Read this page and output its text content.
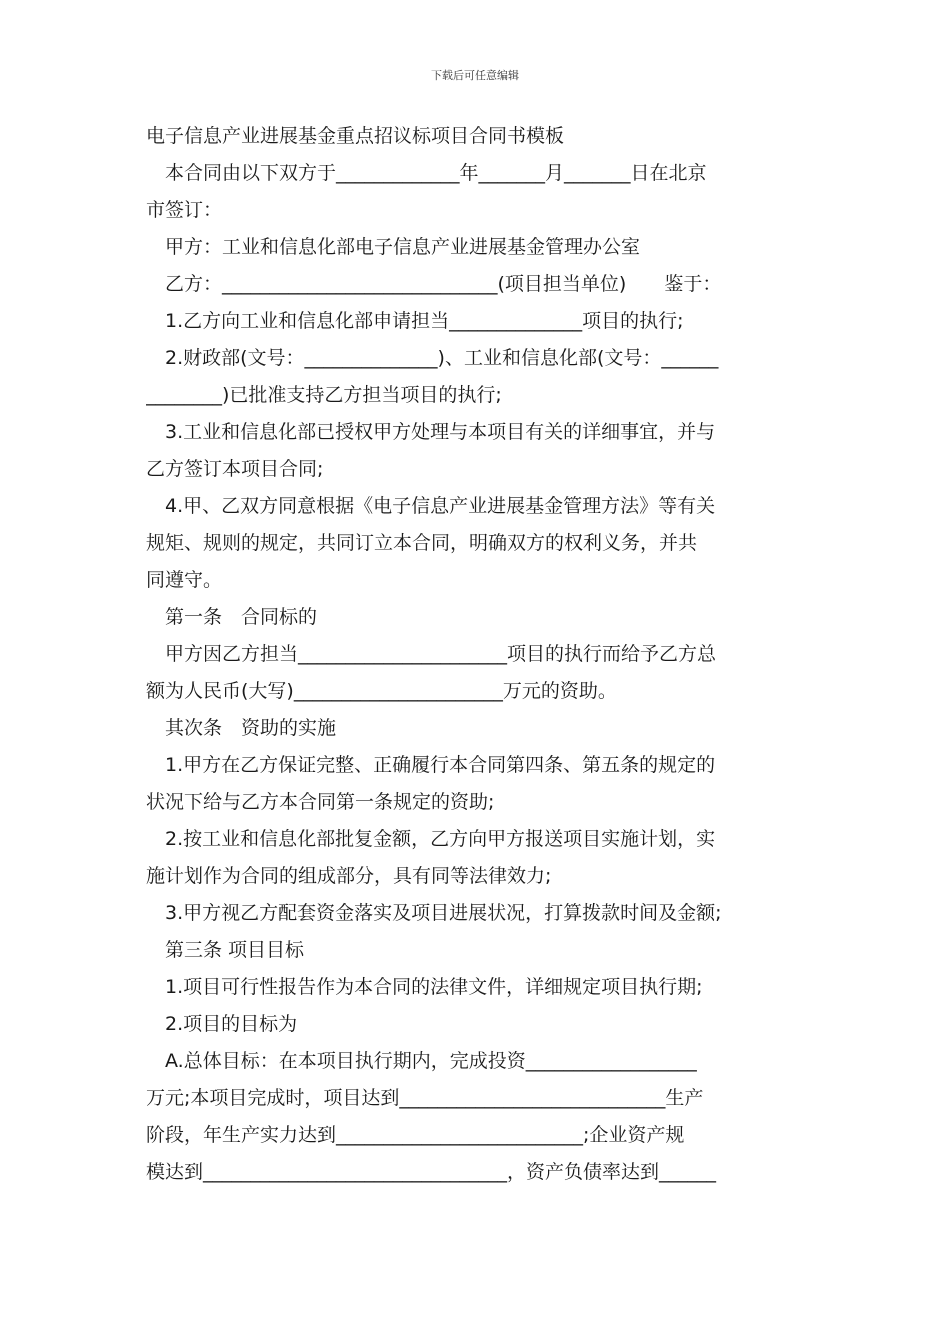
下载后可任意编辑
电子信息产业进展基金重点招议标项目合同书模板
本合同由以下双方于_____________年_______月_______日在北京
市签订：
甲方：工业和信息化部电子信息产业进展基金管理办公室
乙方：_____________________________(项目担当单位)　　鉴于：
1.乙方向工业和信息化部申请担当______________项目的执行;
2.财政部(文号：______________)、工业和信息化部(文号：______
________)已批准支持乙方担当项目的执行;
3.工业和信息化部已授权甲方处理与本项目有关的详细事宜，并与
乙方签订本项目合同;
4.甲、乙双方同意根据《电子信息产业进展基金管理方法》等有关
规矩、规则的规定，共同订立本合同，明确双方的权利义务，并共
同遵守。
第一条　合同标的
甲方因乙方担当______________________项目的执行而给予乙方总
额为人民币(大写)______________________万元的资助。
其次条　资助的实施
1.甲方在乙方保证完整、正确履行本合同第四条、第五条的规定的
状况下给与乙方本合同第一条规定的资助;
2.按工业和信息化部批复金额，乙方向甲方报送项目实施计划，实
施计划作为合同的组成部分，具有同等法律效力;
3.甲方视乙方配套资金落实及项目进展状况，打算拨款时间及金额;
第三条 项目目标
1.项目可行性报告作为本合同的法律文件，详细规定项目执行期;
2.项目的目标为
A.总体目标：在本项目执行期内，完成投资__________________
万元;本项目完成时，项目达到____________________________生产
阶段，年生产实力达到__________________________;企业资产规
模达到________________________________，资产负债率达到______
